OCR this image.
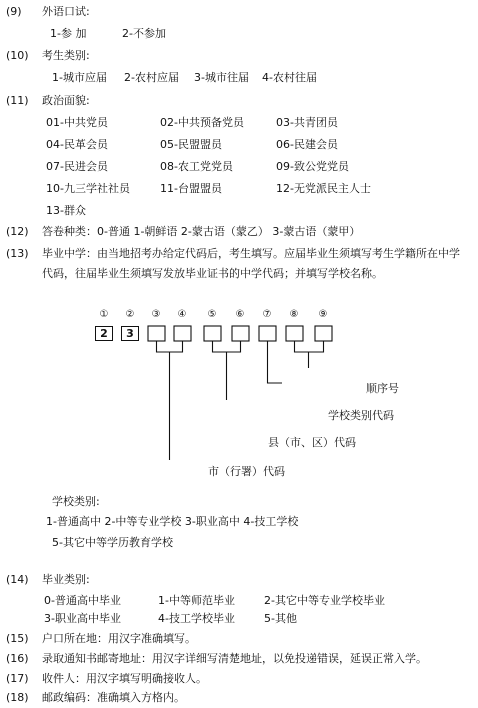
(9) 外语口试:
1-参 加	2-不参加
(10) 考生类别:
1-城市应届 2-农村应届 3-城市往届 4-农村往届
(11) 政治面貌:
01-中共党员	02-中共预备党员	03-共青团员
04-民革会员	05-民盟盟员	06-民建会员
07-民进会员	08-农工党党员	09-致公党党员
10-九三学社社员	11-台盟盟员	12-无党派民主人士
13-群众
(12) 答卷种类：0-普通 1-朝鲜语 2-蒙古语（蒙乙） 3-蒙古语（蒙甲）
(13) 毕业中学：由当地招考办给定代码后，考生填写。应届毕业生须填写考生学籍所在中学
代码，往届毕业生须填写发放毕业证书的中学代码；并填写学校名称。
① ② ③ ④ ⑤ ⑥ ⑦ ⑧ ⑨
2	3
顺序号
学校类别代码
县（市、区）代码
市（行署）代码
学校类别:
1-普通高中 2-中等专业学校 3-职业高中 4-技工学校
5-其它中等学历教育学校
(14) 毕业类别:
0-普通高中毕业	1-中等师范毕业	2-其它中等专业学校毕业
3-职业高中毕业	4-技工学校毕业	5-其他
(15) 户口所在地：用汉字准确填写。
(16) 录取通知书邮寄地址：用汉字详细写清楚地址，以免投递错误，延误正常入学。
(17) 收件人：用汉字填写明确接收人。
(18) 邮政编码：准确填入方格内。
